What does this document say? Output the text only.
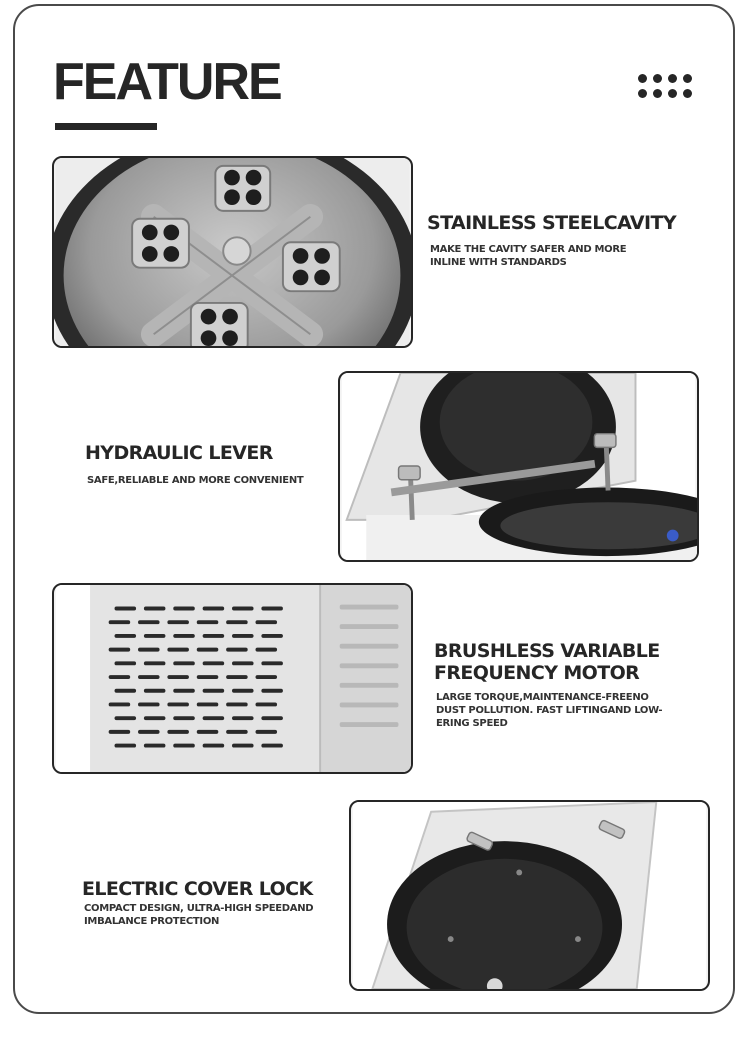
FEATURE
STAINLESS STEELCAVITY

MAKE THE CAVITY SAFER AND MORE
INLINE WITH STANDARDS

HYDRAULIC LEVER

SAFE,RELIABLE AND MORE CONVENIENT

BRUSHLESS VARIABLE
FREQUENCY MOTOR

LARGE TORQUE,MAINTENANCE-FREENO
DUST POLLUTION. FAST LIFTINGAND LOW-
ERING SPEED

ELECTRIC COVER LOCK

COMPACT DESIGN, ULTRA-HIGH SPEEDAND
IMBALANCE PROTECTION
